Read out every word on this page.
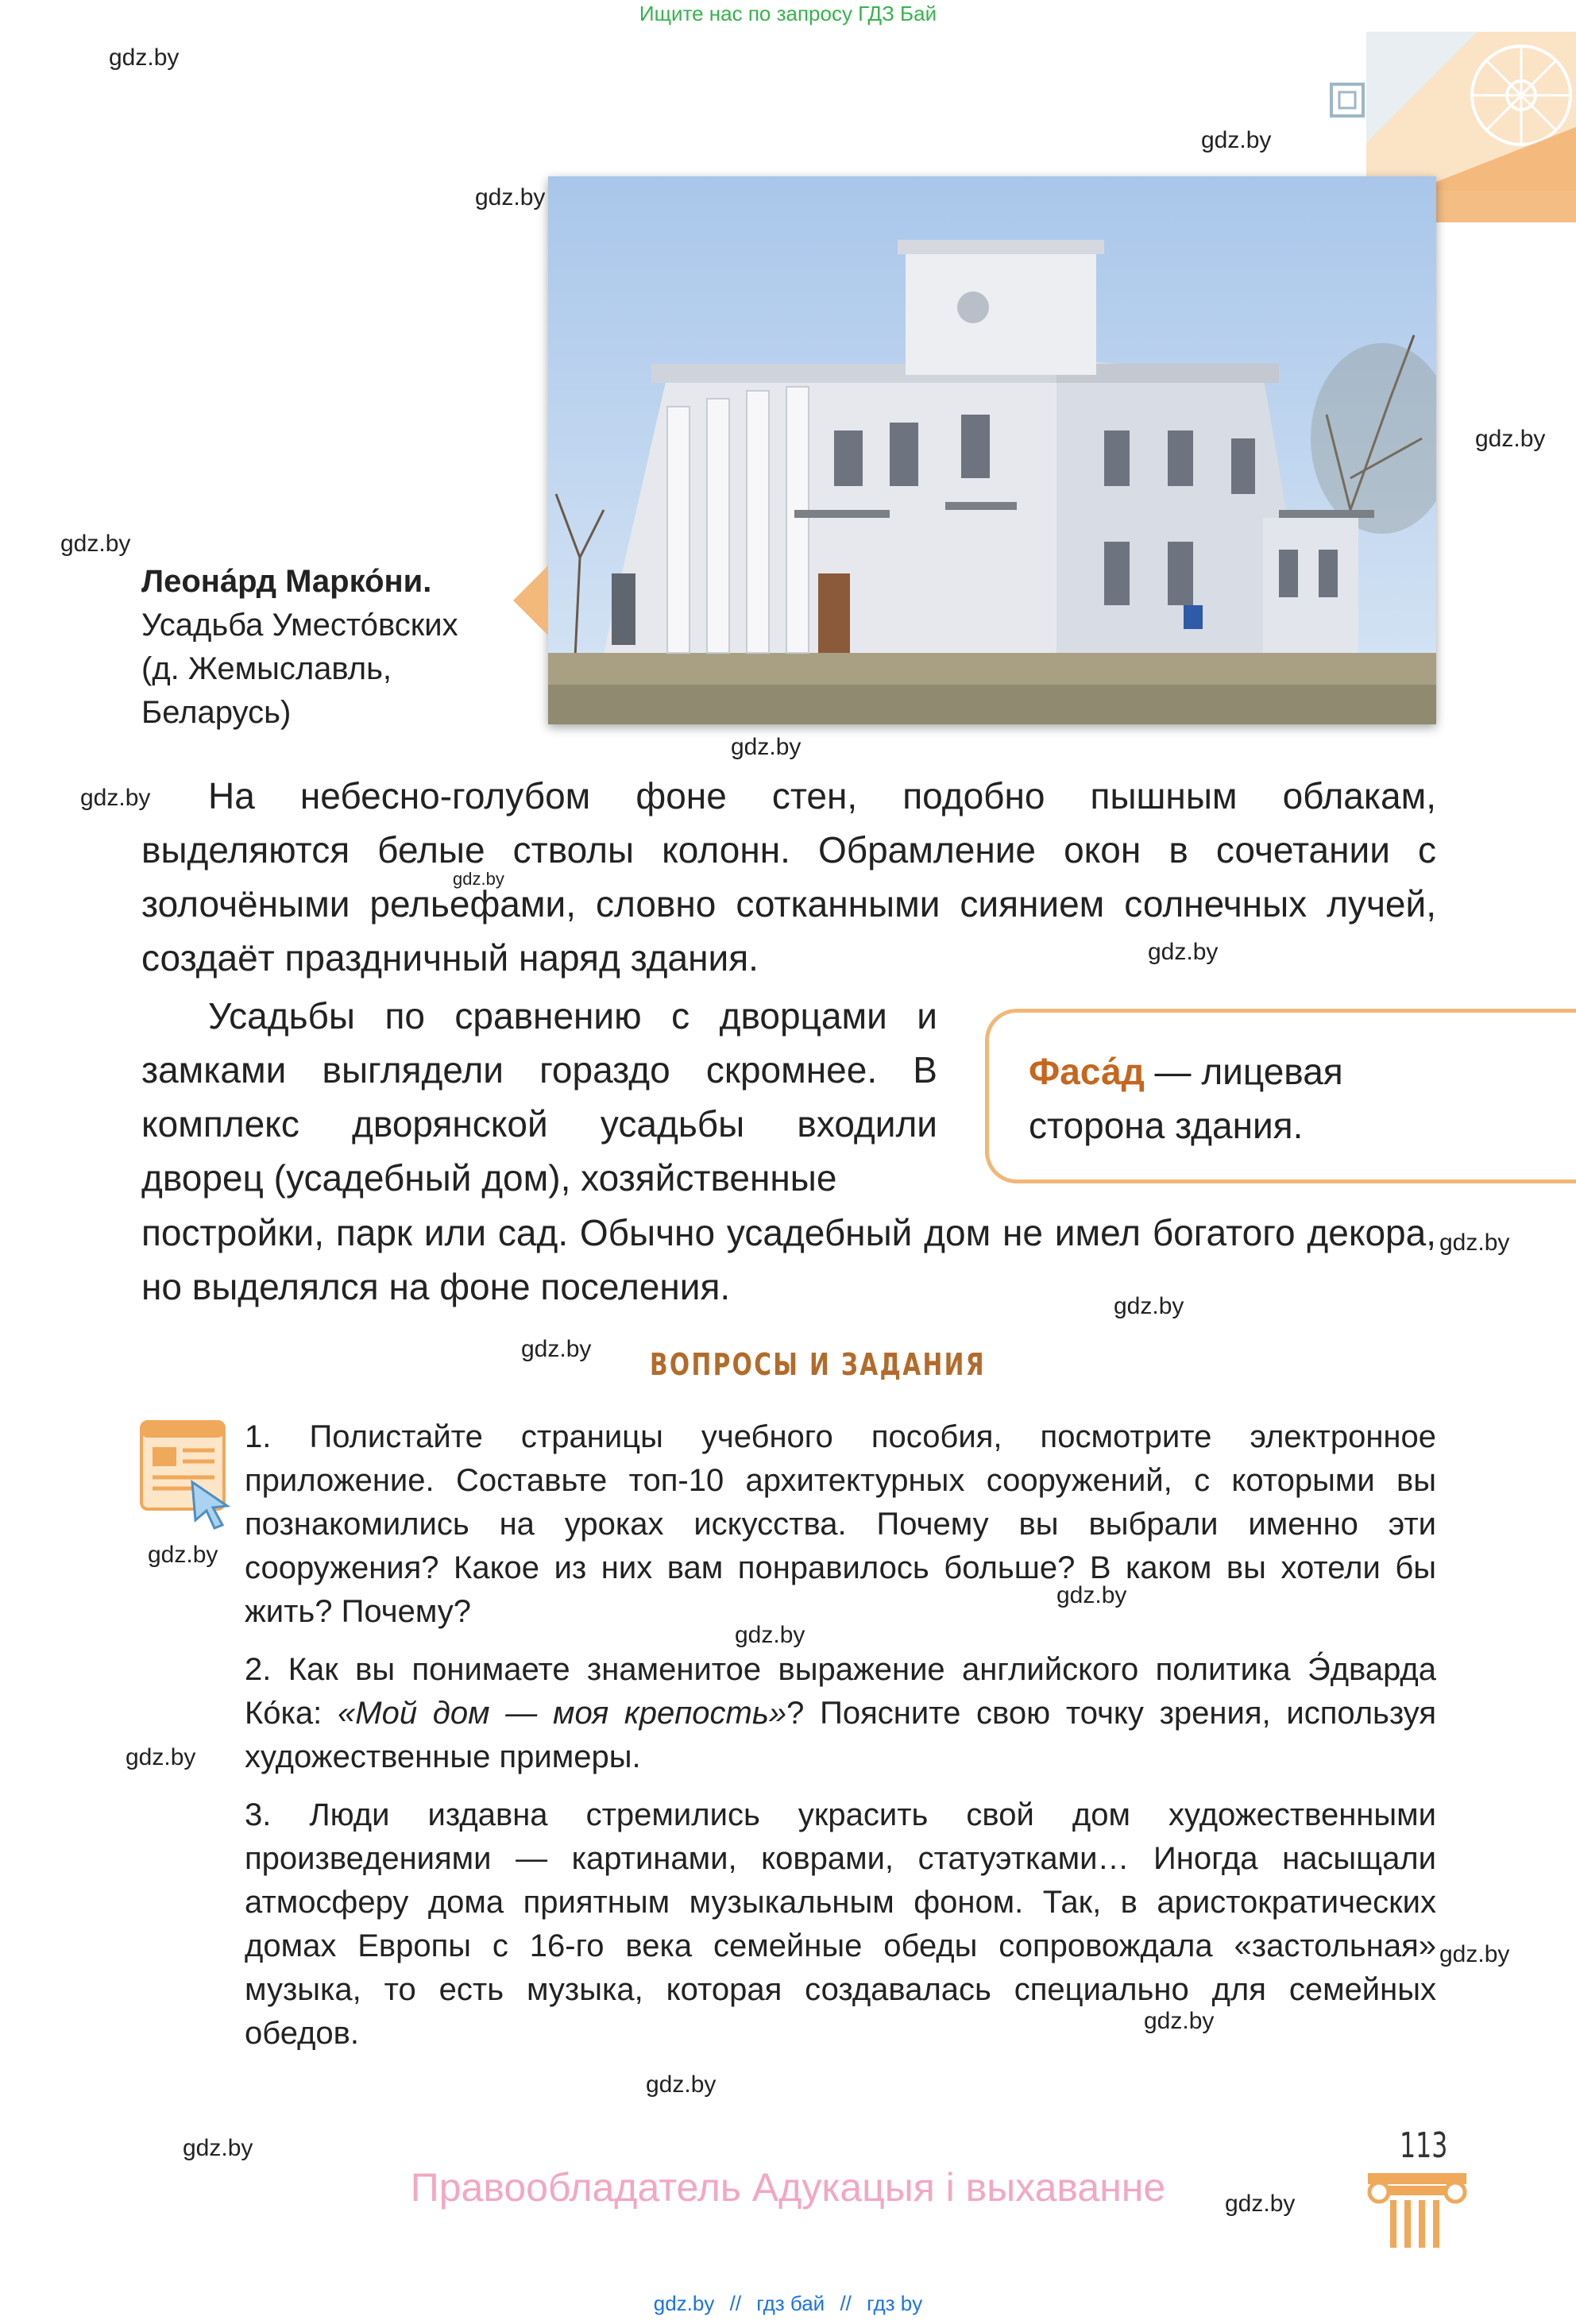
Ищите нас по запросу ГДЗ Бай
gdz.by
gdz.by
gdz.by
gdz.by
gdz.by
gdz.by
gdz.by
gdz.by
gdz.by
gdz.by
gdz.by
gdz.by
gdz.by
gdz.by
gdz.by
gdz.by
gdz.by
gdz.by
gdz.by
gdz.by
gdz.by
Леона́рд Марко́ни.
Усадьба Уместо́вских
(д. Жемыславль,
Беларусь)
На небесно-голубом фоне стен, подобно пышным облакам, выделяются белые стволы колонн. Обрамление окон в сочетании с золочёными рельефами, словно сотканными сиянием солнечных лучей, создаёт праздничный наряд здания.
Усадьбы по сравнению с дворцами и замками выглядели гораздо скромнее. В комплекс дворянской усадьбы входили дворец (усадебный дом), хозяйственные
постройки, парк или сад. Обычно усадебный дом не имел богатого декора, но выделялся на фоне поселения.
Фаса́д — лицевая сторона здания.
ВОПРОСЫ И ЗАДАНИЯ
1. Полистайте страницы учебного пособия, посмотрите электронное приложение. Составьте топ-10 архитектурных сооружений, с которыми вы познакомились на уроках искусства. Почему вы выбрали именно эти сооружения? Какое из них вам понравилось больше? В каком вы хотели бы жить? Почему?
2. Как вы понимаете знаменитое выражение английского политика Э́дварда Ко́ка: «Мой дом — моя крепость»? Поясните свою точку зрения, используя художественные примеры.
3. Люди издавна стремились украсить свой дом художественными произведениями — картинами, коврами, статуэтками… Иногда насыщали атмосферу дома приятным музыкальным фоном. Так, в аристократических домах Европы с 16-го века семейные обеды сопровождала «застольная» музыка, то есть музыка, которая создавалась специально для семейных обедов.
113
Правообладатель Адукацыя і выхаванне
gdz.by // гдз бай // гдз by
